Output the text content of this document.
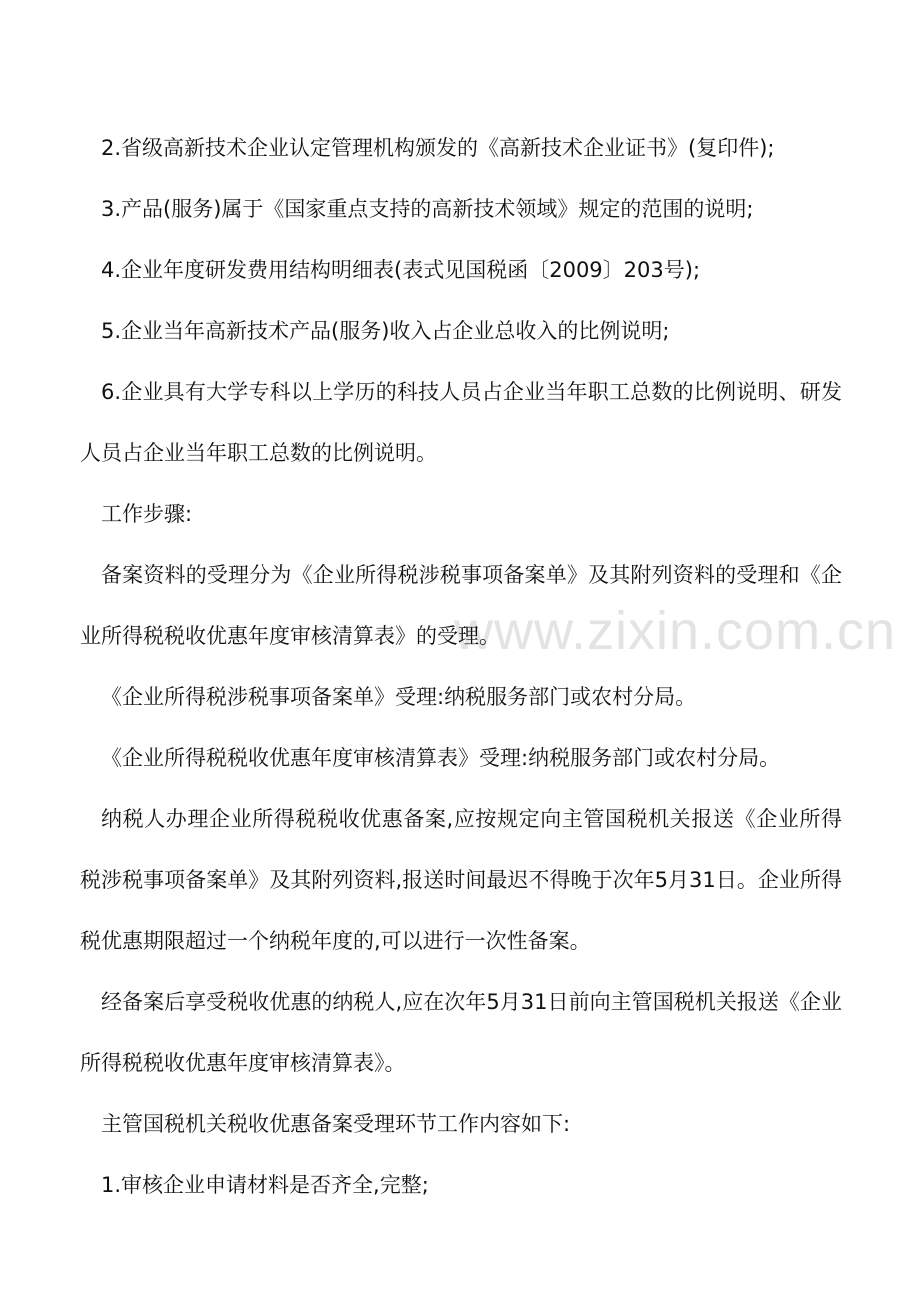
www.zixin.com.cn

2.省级高新技术企业认定管理机构颁发的《高新技术企业证书》(复印件);

3.产品(服务)属于《国家重点支持的高新技术领域》规定的范围的说明;

4.企业年度研发费用结构明细表(表式见国税函〔2009〕203号);

5.企业当年高新技术产品(服务)收入占企业总收入的比例说明;

6.企业具有大学专科以上学历的科技人员占企业当年职工总数的比例说明、研发人员占企业当年职工总数的比例说明。

工作步骤:

备案资料的受理分为《企业所得税涉税事项备案单》及其附列资料的受理和《企业所得税税收优惠年度审核清算表》的受理。

《企业所得税涉税事项备案单》受理:纳税服务部门或农村分局。

《企业所得税税收优惠年度审核清算表》受理:纳税服务部门或农村分局。

纳税人办理企业所得税税收优惠备案,应按规定向主管国税机关报送《企业所得税涉税事项备案单》及其附列资料,报送时间最迟不得晚于次年5月31日。企业所得税优惠期限超过一个纳税年度的,可以进行一次性备案。

经备案后享受税收优惠的纳税人,应在次年5月31日前向主管国税机关报送《企业所得税税收优惠年度审核清算表》。

主管国税机关税收优惠备案受理环节工作内容如下:

1.审核企业申请材料是否齐全,完整;
